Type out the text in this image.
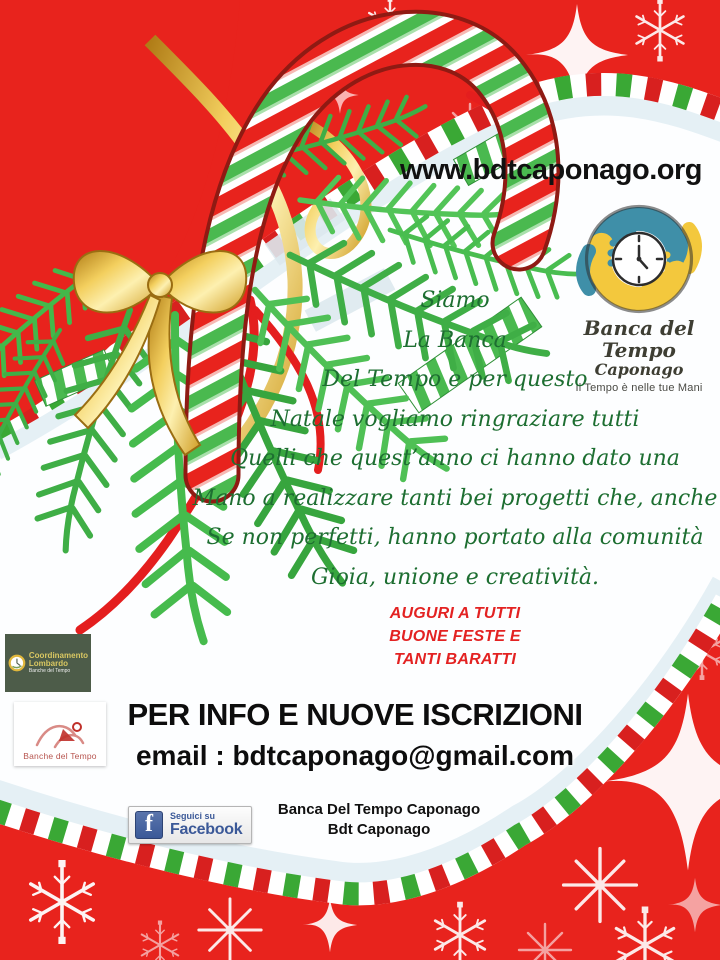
www.bdtcaponago.org
Banca del Tempo
Caponago
Il Tempo è nelle tue Mani
Siamo
La Banca
Del Tempo e per questo
Natale vogliamo ringraziare tutti
Quelli che quest’anno ci hanno dato una
Mano a realizzare tanti bei progetti che, anche
Se non perfetti, hanno portato alla comunità
Gioia, unione e creatività.
AUGURI A TUTTI
BUONE FESTE E
TANTI BARATTI
PER INFO E NUOVE ISCRIZIONI
email : bdtcaponago@gmail.com
f	Seguici su
Facebook
Banca Del Tempo Caponago
Bdt Caponago
Coordinamento
Lombardo
Banche del Tempo
Banche del Tempo
